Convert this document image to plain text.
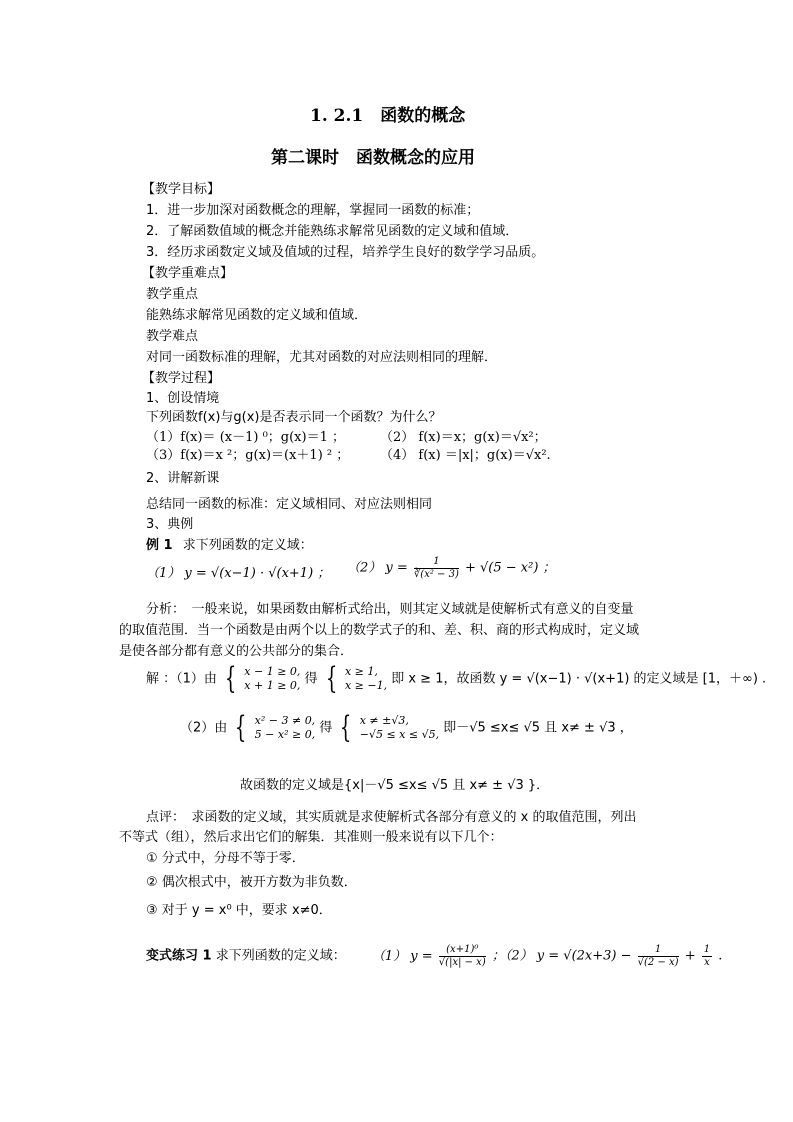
1. 2.1　函数的概念
第二课时　函数概念的应用
【教学目标】
1．进一步加深对函数概念的理解，掌握同一函数的标准；
2．了解函数值域的概念并能熟练求解常见函数的定义域和值域．
3．经历求函数定义域及值域的过程，培养学生良好的数学学习品质。
【教学重难点】
教学重点
能熟练求解常见函数的定义域和值域．
教学难点
对同一函数标准的理解，尤其对函数的对应法则相同的理解．
【教学过程】
1、创设情境
下列函数f(x)与g(x)是否表示同一个函数？为什么？
（1）f(x)＝ (x－1) ⁰；g(x)＝1 ；	（2） f(x)＝x；g(x)＝√x²；
（3）f(x)＝x ²；g(x)＝(x＋1) ² ； （4） f(x) ＝|x|；g(x)＝√x².
2、讲解新课
总结同一函数的标准：定义域相同、对应法则相同
3、典例
例 1 求下列函数的定义域：
（1） y = √(x−1) · √(x+1) ； （2） $y = \frac{1}{\text{∛(x² − 3)}} + √(5 - x^2)$ ；
分析：　一般来说，如果函数由解析式给出，则其定义域就是使解析式有意义的自变量
的取值范围．当一个函数是由两个以上的数学式子的和、差、积、商的形式构成时，定义域
是使各部分都有意义的公共部分的集合．
解 ：（1）由 { x − 1 ≥ 0,
x + 1 ≥ 0, 得 { x ≥ 1,
x ≥ −1, 即 x ≥ 1，故函数 y = √(x−1) · √(x+1) 的定义域是 [1，＋∞) .
（2）由 { x² − 3 ≠ 0,
5 − x² ≥ 0, 得 { x ≠ ±√3,
−√5 ≤ x ≤ √5, 即－√5 ≤x≤ √5 且 x≠ ± √3 ，
故函数的定义域是{x|－√5 ≤x≤ √5 且 x≠ ± √3 }．
点评：　求函数的定义域，其实质就是求使解析式各部分有意义的 x 的取值范围，列出
不等式（组），然后求出它们的解集．其准则一般来说有以下几个：
① 分式中，分母不等于零．
② 偶次根式中，被开方数为非负数．
③ 对于 y = x⁰ 中，要求 x≠0．
变式练习 1 求下列函数的定义域： （1） $y = \frac{\text{(x+1)⁰}}{√(|x| - x)}$ ；（2） $y = √(2x+3) - \frac{1}{√(2 - x)} + \frac{1}{x}$ .
